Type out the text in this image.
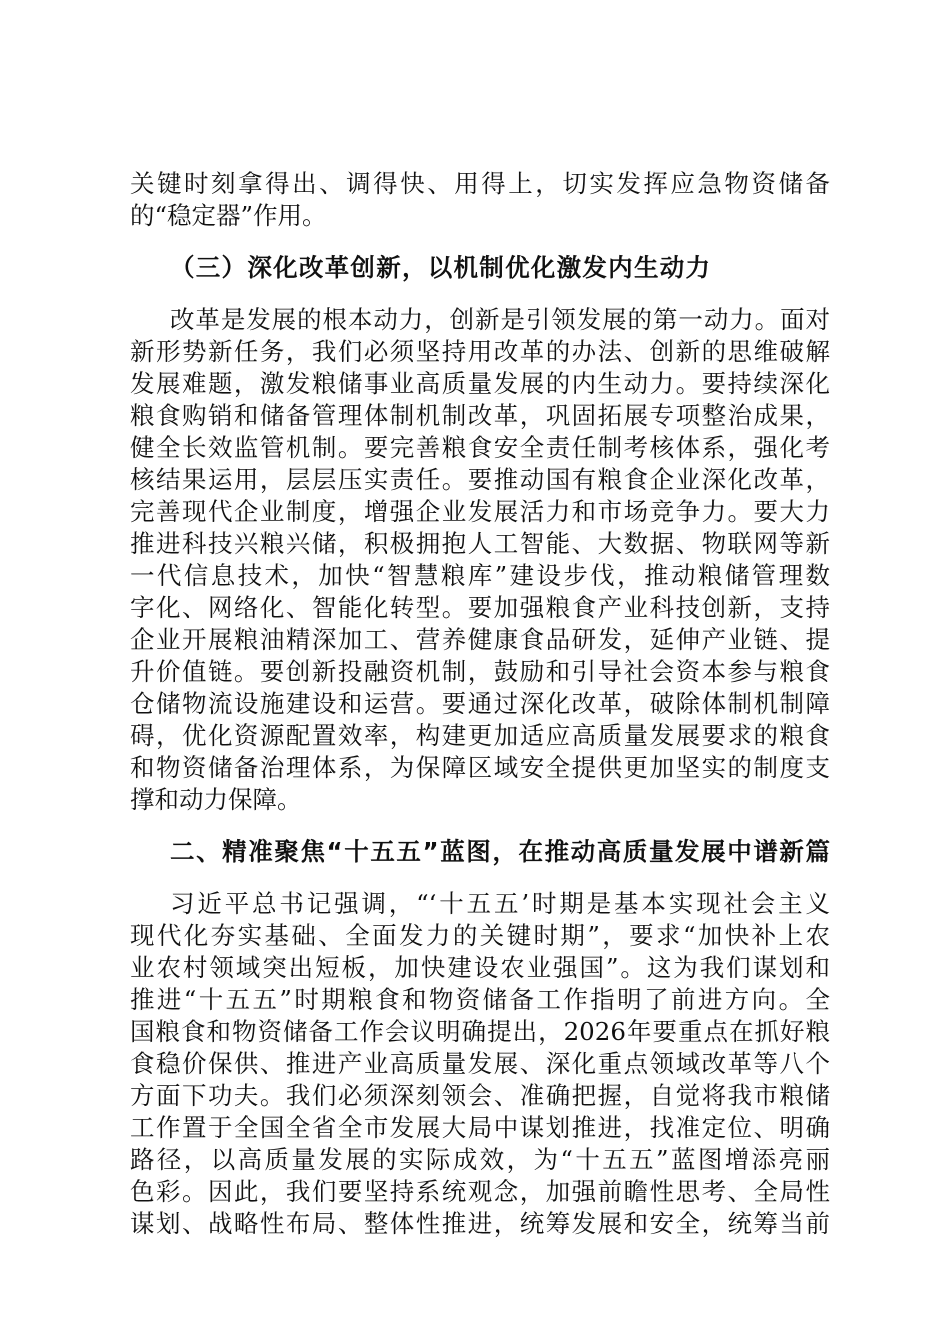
关键时刻拿得出、调得快、用得上，切实发挥应急物资储备
的“稳定器”作用。
（三）深化改革创新，以机制优化激发内生动力
改革是发展的根本动力，创新是引领发展的第一动力。面对
新形势新任务，我们必须坚持用改革的办法、创新的思维破解
发展难题，激发粮储事业高质量发展的内生动力。要持续深化
粮食购销和储备管理体制机制改革，巩固拓展专项整治成果，
健全长效监管机制。要完善粮食安全责任制考核体系，强化考
核结果运用，层层压实责任。要推动国有粮食企业深化改革，
完善现代企业制度，增强企业发展活力和市场竞争力。要大力
推进科技兴粮兴储，积极拥抱人工智能、大数据、物联网等新
一代信息技术，加快“智慧粮库”建设步伐，推动粮储管理数
字化、网络化、智能化转型。要加强粮食产业科技创新，支持
企业开展粮油精深加工、营养健康食品研发，延伸产业链、提
升价值链。要创新投融资机制，鼓励和引导社会资本参与粮食
仓储物流设施建设和运营。要通过深化改革，破除体制机制障
碍，优化资源配置效率，构建更加适应高质量发展要求的粮食
和物资储备治理体系，为保障区域安全提供更加坚实的制度支
撑和动力保障。
二、精准聚焦“十五五”蓝图，在推动高质量发展中谱新篇
习近平总书记强调，“‘十五五’时期是基本实现社会主义
现代化夯实基础、全面发力的关键时期”，要求“加快补上农
业农村领域突出短板，加快建设农业强国”。这为我们谋划和
推进“十五五”时期粮食和物资储备工作指明了前进方向。全
国粮食和物资储备工作会议明确提出，2026年要重点在抓好粮
食稳价保供、推进产业高质量发展、深化重点领域改革等八个
方面下功夫。我们必须深刻领会、准确把握，自觉将我市粮储
工作置于全国全省全市发展大局中谋划推进，找准定位、明确
路径，以高质量发展的实际成效，为“十五五”蓝图增添亮丽
色彩。因此，我们要坚持系统观念，加强前瞻性思考、全局性
谋划、战略性布局、整体性推进，统筹发展和安全，统筹当前
